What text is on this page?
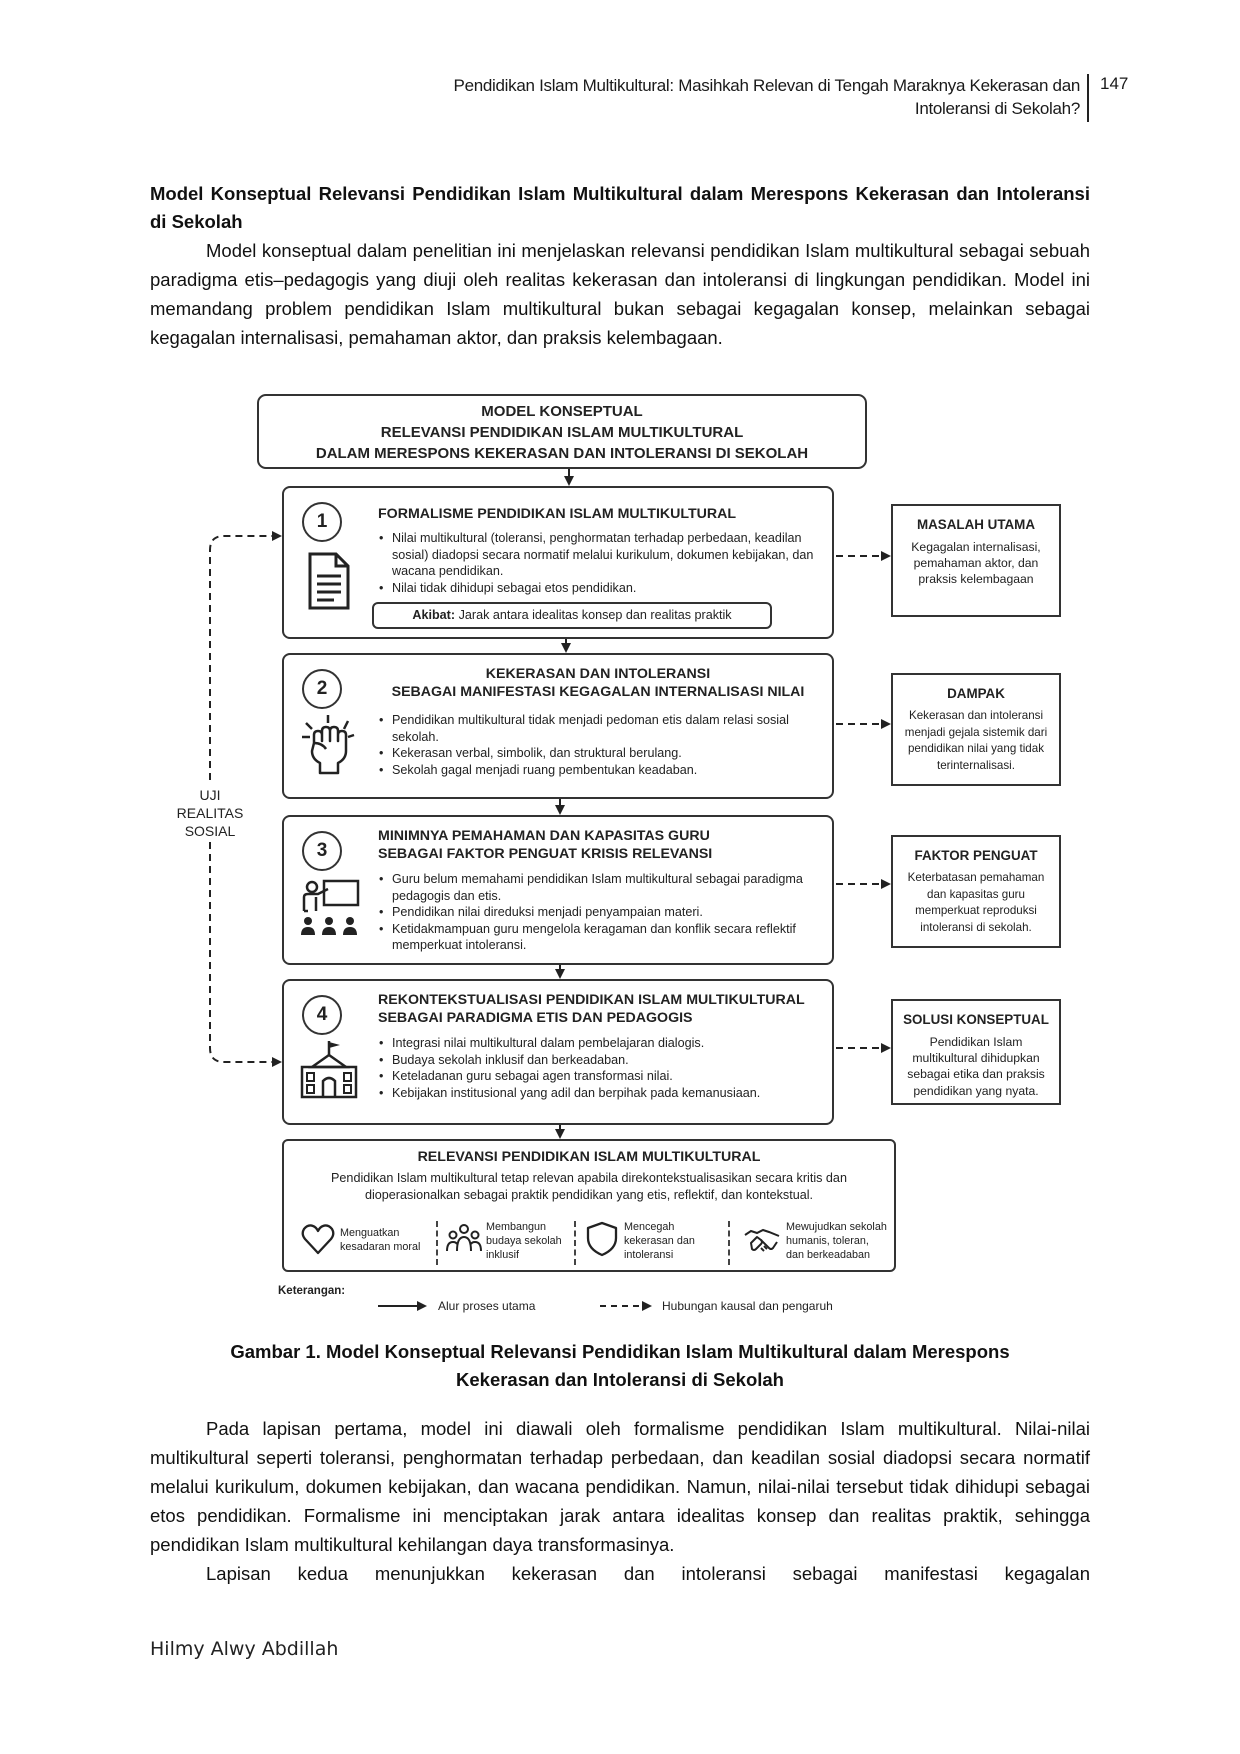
Pendidikan Islam Multikultural: Masihkah Relevan di Tengah Maraknya Kekerasan dan
Intoleransi di Sekolah?
147
Model Konseptual Relevansi Pendidikan Islam Multikultural dalam Merespons Kekerasan dan Intoleransi di Sekolah
Model konseptual dalam penelitian ini menjelaskan relevansi pendidikan Islam multikultural sebagai sebuah paradigma etis–pedagogis yang diuji oleh realitas kekerasan dan intoleransi di lingkungan pendidikan. Model ini memandang problem pendidikan Islam multikultural bukan sebagai kegagalan konsep, melainkan sebagai kegagalan internalisasi, pemahaman aktor, dan praksis kelembagaan.
MODEL KONSEPTUAL
RELEVANSI PENDIDIKAN ISLAM MULTIKULTURAL
DALAM MERESPONS KEKERASAN DAN INTOLERANSI DI SEKOLAH
UJI
REALITAS
SOSIAL
1	FORMALISME PENDIDIKAN ISLAM MULTIKULTURAL
• Nilai multikultural (toleransi, penghormatan terhadap perbedaan, keadilan sosial) diadopsi secara normatif melalui kurikulum, dokumen kebijakan, dan wacana pendidikan.
• Nilai tidak dihidupi sebagai etos pendidikan.
Akibat: Jarak antara idealitas konsep dan realitas praktik
2
KEKERASAN DAN INTOLERANSI
SEBAGAI MANIFESTASI KEGAGALAN INTERNALISASI NILAI
• Pendidikan multikultural tidak menjadi pedoman etis dalam relasi sosial sekolah.
• Kekerasan verbal, simbolik, dan struktural berulang.
• Sekolah gagal menjadi ruang pembentukan keadaban.
3
MINIMNYA PEMAHAMAN DAN KAPASITAS GURU
SEBAGAI FAKTOR PENGUAT KRISIS RELEVANSI
• Guru belum memahami pendidikan Islam multikultural sebagai paradigma pedagogis dan etis.
• Pendidikan nilai direduksi menjadi penyampaian materi.
• Ketidakmampuan guru mengelola keragaman dan konflik secara reflektif memperkuat intoleransi.
4
REKONTEKSTUALISASI PENDIDIKAN ISLAM MULTIKULTURAL
SEBAGAI PARADIGMA ETIS DAN PEDAGOGIS
• Integrasi nilai multikultural dalam pembelajaran dialogis.
• Budaya sekolah inklusif dan berkeadaban.
• Keteladanan guru sebagai agen transformasi nilai.
• Kebijakan institusional yang adil dan berpihak pada kemanusiaan.
MASALAH UTAMA
Kegagalan internalisasi, pemahaman aktor, dan praksis kelembagaan
DAMPAK
Kekerasan dan intoleransi menjadi gejala sistemik dari pendidikan nilai yang tidak terinternalisasi.
FAKTOR PENGUAT
Keterbatasan pemahaman dan kapasitas guru memperkuat reproduksi intoleransi di sekolah.
SOLUSI KONSEPTUAL
Pendidikan Islam multikultural dihidupkan sebagai etika dan praksis pendidikan yang nyata.
RELEVANSI PENDIDIKAN ISLAM MULTIKULTURAL
Pendidikan Islam multikultural tetap relevan apabila direkontekstualisasikan secara kritis dan dioperasionalkan sebagai praktik pendidikan yang etis, reflektif, dan kontekstual.
Menguatkan
kesadaran moral
Membangun
budaya sekolah
inklusif
Mencegah
kekerasan dan
intoleransi
Mewujudkan sekolah
humanis, toleran,
dan berkeadaban
Keterangan:
Alur proses utama	Hubungan kausal dan pengaruh
Gambar 1. Model Konseptual Relevansi Pendidikan Islam Multikultural dalam Merespons
Kekerasan dan Intoleransi di Sekolah
Pada lapisan pertama, model ini diawali oleh formalisme pendidikan Islam multikultural. Nilai-nilai multikultural seperti toleransi, penghormatan terhadap perbedaan, dan keadilan sosial diadopsi secara normatif melalui kurikulum, dokumen kebijakan, dan wacana pendidikan. Namun, nilai-nilai tersebut tidak dihidupi sebagai etos pendidikan. Formalisme ini menciptakan jarak antara idealitas konsep dan realitas praktik, sehingga pendidikan Islam multikultural kehilangan daya transformasinya.
Lapisan kedua menunjukkan kekerasan dan intoleransi sebagai manifestasi kegagalan
Hilmy Alwy Abdillah
